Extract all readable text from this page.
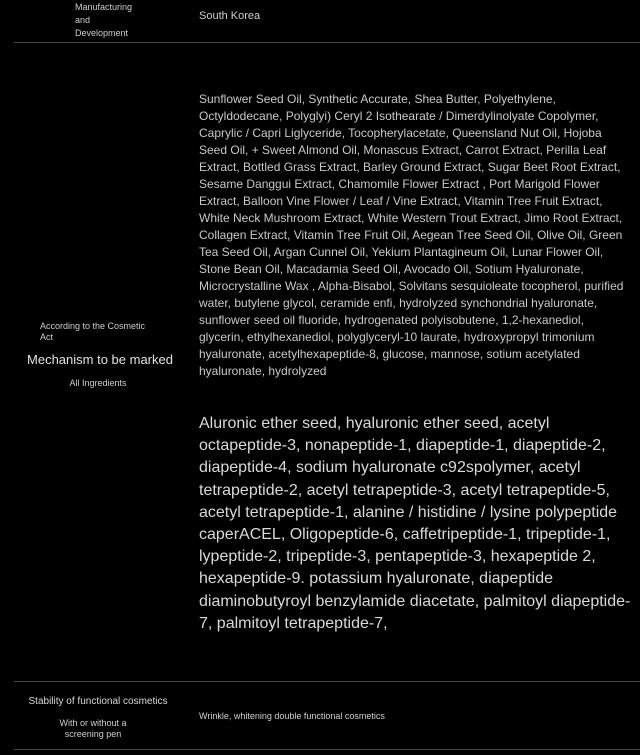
Manufacturing
and
Development
South Korea
According to the Cosmetic Act
Mechanism to be marked
All Ingredients
Sunflower Seed Oil, Synthetic Accurate, Shea Butter, Polyethylene, Octyldodecane, Polyglyi) Ceryl 2 Isothearate / Dimerdylinolyate Copolymer, Caprylic / Capri Liglyceride, Tocopherylacetate, Queensland Nut Oil, Hojoba Seed Oil, + Sweet Almond Oil, Monascus Extract, Carrot Extract, Perilla Leaf Extract, Bottled Grass Extract, Barley Ground Extract, Sugar Beet Root Extract, Sesame Danggui Extract, Chamomile Flower Extract , Port Marigold Flower Extract, Balloon Vine Flower / Leaf / Vine Extract, Vitamin Tree Fruit Extract, White Neck Mushroom Extract, White Western Trout Extract, Jimo Root Extract, Collagen Extract, Vitamin Tree Fruit Oil, Aegean Tree Seed Oil, Olive Oil, Green Tea Seed Oil, Argan Cunnel Oil, Yekium Plantagineum Oil, Lunar Flower Oil, Stone Bean Oil, Macadamia Seed Oil, Avocado Oil, Sotium Hyaluronate, Microcrystalline Wax , Alpha-Bisabol, Solvitans sesquioleate tocopherol, purified water, butylene glycol, ceramide enfi, hydrolyzed synchondrial hyaluronate, sunflower seed oil fluoride, hydrogenated polyisobutene, 1,2-hexanediol, glycerin, ethylhexanediol, polyglyceryl-10 laurate, hydroxypropyl trimonium hyaluronate, acetylhexapeptide-8, glucose, mannose, sotium acetylated hyaluronate, hydrolyzed
Aluronic ether seed, hyaluronic ether seed, acetyl octapeptide-3, nonapeptide-1, diapeptide-1, diapeptide-2, diapeptide-4, sodium hyaluronate c92spolymer, acetyl tetrapeptide-2, acetyl tetrapeptide-3, acetyl tetrapeptide-5, acetyl tetrapeptide-1, alanine / histidine / lysine polypeptide caperACEL, Oligopeptide-6, caffetripeptide-1, tripeptide-1, lypeptide-2, tripeptide-3, pentapeptide-3, hexapeptide 2, hexapeptide-9. potassium hyaluronate, diapeptide diaminobutyroyl benzylamide diacetate, palmitoyl diapeptide-7, palmitoyl tetrapeptide-7,
Stability of functional cosmetics
With or without a screening pen
Wrinkle, whitening double functional cosmetics
